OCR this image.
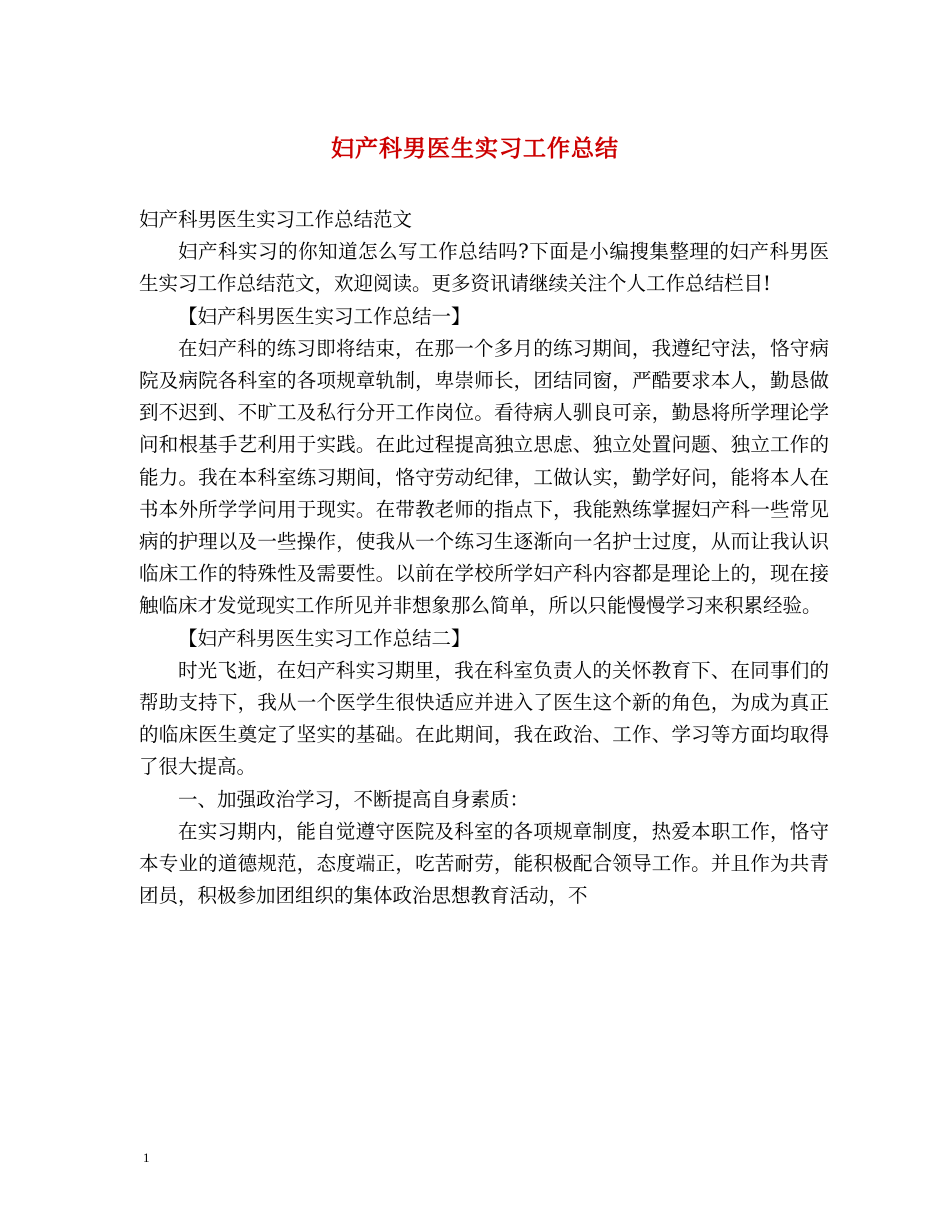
妇产科男医生实习工作总结

妇产科男医生实习工作总结范文

妇产科实习的你知道怎么写工作总结吗?下面是小编搜集整理的妇产科男医生实习工作总结范文，欢迎阅读。更多资讯请继续关注个人工作总结栏目!

【妇产科男医生实习工作总结一】

在妇产科的练习即将结束，在那一个多月的练习期间，我遵纪守法，恪守病院及病院各科室的各项规章轨制，卑崇师长，团结同窗，严酷要求本人，勤恳做到不迟到、不旷工及私行分开工作岗位。看待病人驯良可亲，勤恳将所学理论学问和根基手艺利用于实践。在此过程提高独立思虑、独立处置问题、独立工作的能力。我在本科室练习期间，恪守劳动纪律，工做认实，勤学好问，能将本人在书本外所学学问用于现实。在带教老师的指点下，我能熟练掌握妇产科一些常见病的护理以及一些操作，使我从一个练习生逐渐向一名护士过度，从而让我认识临床工作的特殊性及需要性。以前在学校所学妇产科内容都是理论上的，现在接触临床才发觉现实工作所见并非想象那么简单，所以只能慢慢学习来积累经验。

【妇产科男医生实习工作总结二】

时光飞逝，在妇产科实习期里，我在科室负责人的关怀教育下、在同事们的帮助支持下，我从一个医学生很快适应并进入了医生这个新的角色，为成为真正的临床医生奠定了坚实的基础。在此期间，我在政治、工作、学习等方面均取得了很大提高。

一、加强政治学习，不断提高自身素质：

在实习期内，能自觉遵守医院及科室的各项规章制度，热爱本职工作，恪守本专业的道德规范，态度端正，吃苦耐劳，能积极配合领导工作。并且作为共青团员，积极参加团组织的集体政治思想教育活动，不

1
